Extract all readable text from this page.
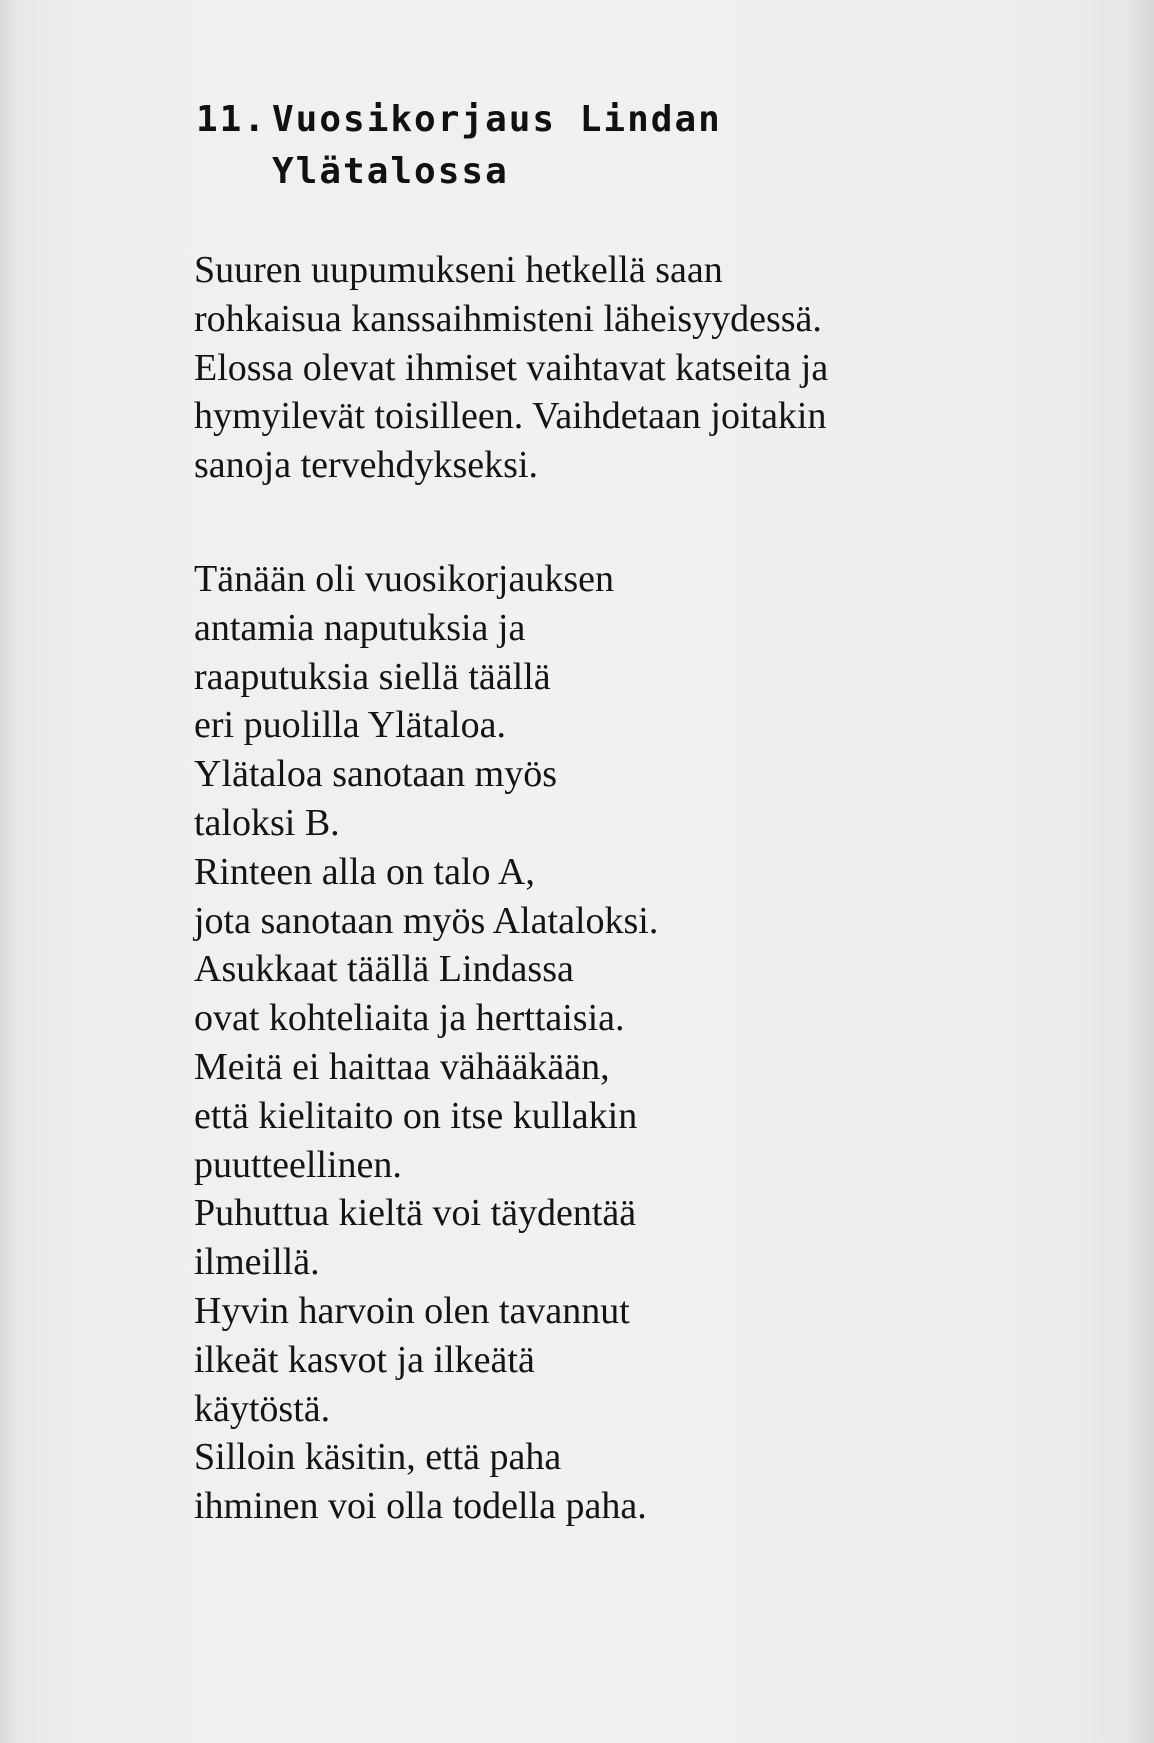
11. Vuosikorjaus Lindan
Ylätalossa

Suuren uupumukseni hetkellä saan

rohkaisua kanssaihmisteni läheisyydessä.

Elossa olevat ihmiset vaihtavat katseita ja

hymyilevät toisilleen. Vaihdetaan joitakin

sanoja tervehdykseksi.

Tänään oli vuosikorjauksen

antamia naputuksia ja

raaputuksia siellä täällä

eri puolilla Ylätaloa.

Ylätaloa sanotaan myös

taloksi B.

Rinteen alla on talo A,

jota sanotaan myös Alataloksi.

Asukkaat täällä Lindassa

ovat kohteliaita ja herttaisia.

Meitä ei haittaa vähääkään,

että kielitaito on itse kullakin

puutteellinen.

Puhuttua kieltä voi täydentää

ilmeillä.

Hyvin harvoin olen tavannut

ilkeät kasvot ja ilkeätä

käytöstä.

Silloin käsitin, että paha

ihminen voi olla todella paha.
